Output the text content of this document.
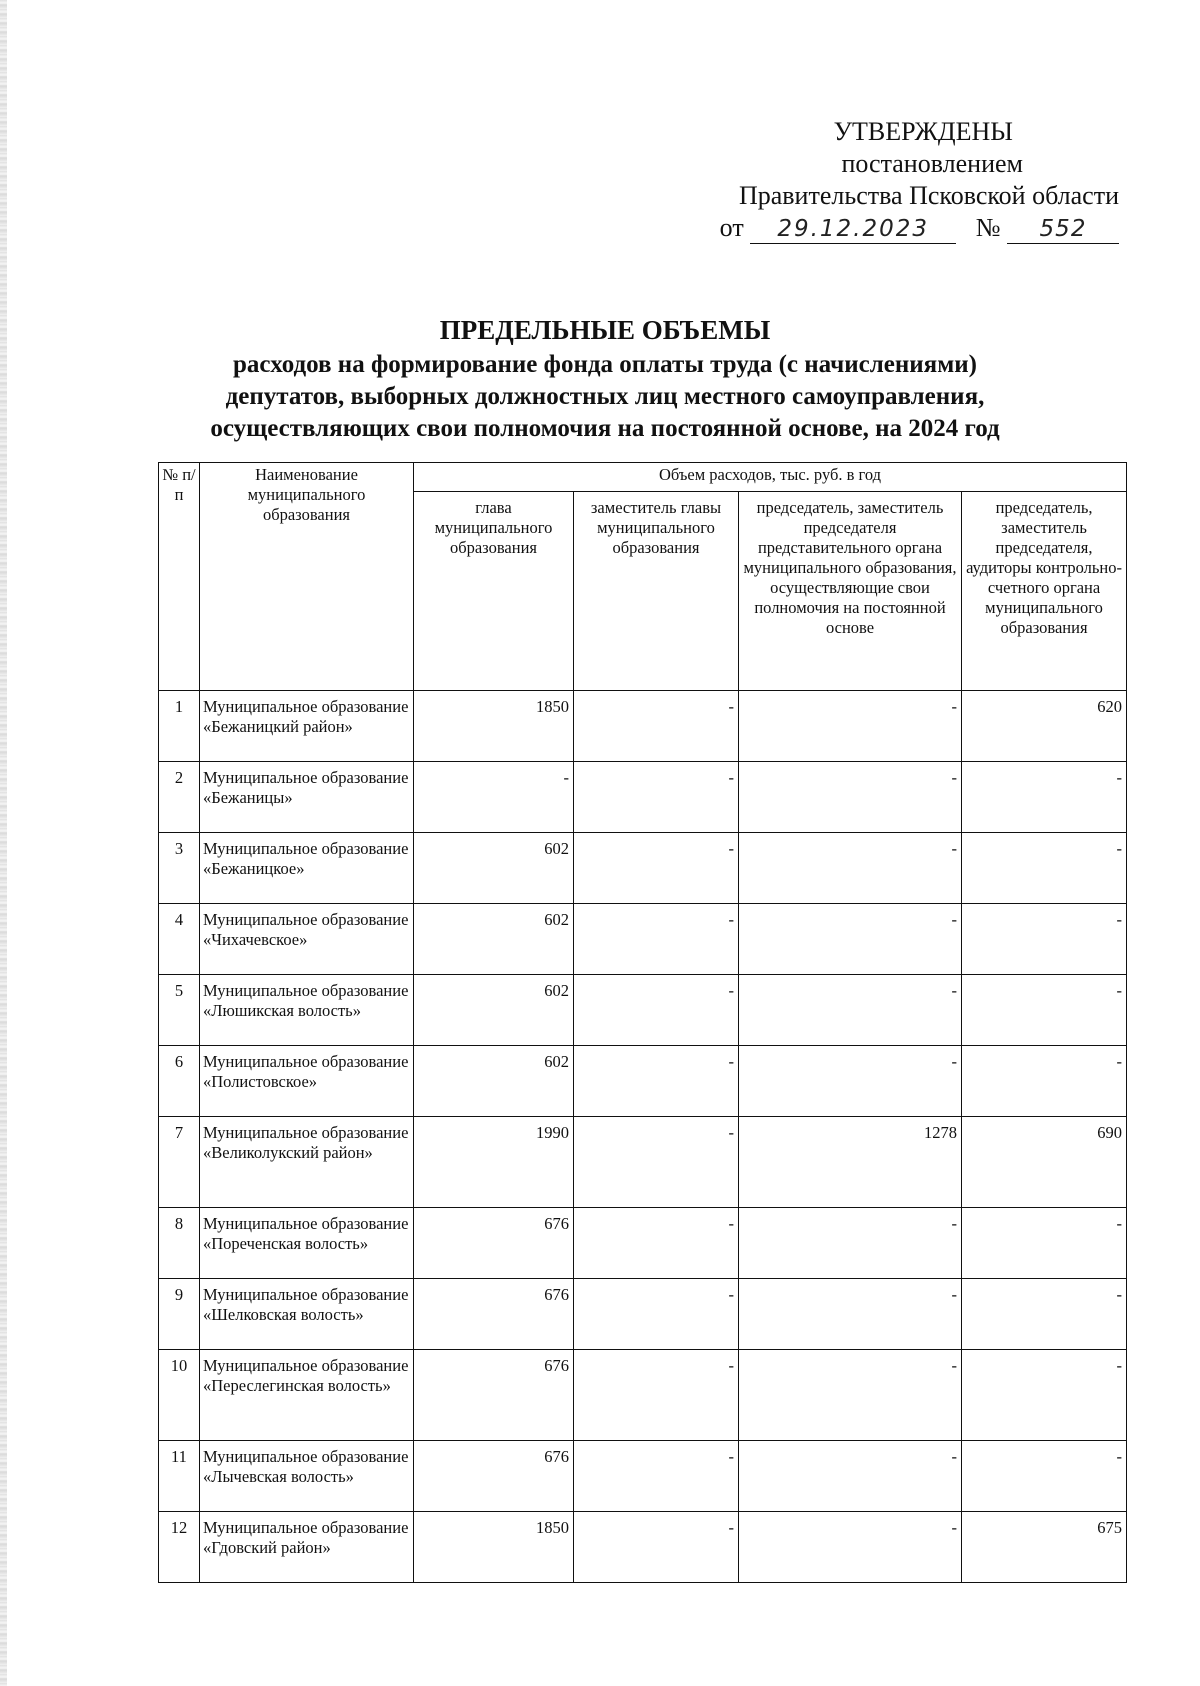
УТВЕРЖДЕНЫ
постановлением
Правительства Псковской области
от 29.12.2023 № 552
ПРЕДЕЛЬНЫЕ ОБЪЕМЫ
расходов на формирование фонда оплаты труда (с начислениями)
депутатов, выборных должностных лиц местного самоуправления,
осуществляющих свои полномочия на постоянной основе, на 2024 год
№ п/п	Наименование муниципального образования	Объем расходов, тыс. руб. в год			
		глава муниципального образования	заместитель главы муниципального образования	председатель, заместитель председателя представительного органа муниципального образования, осуществляющие свои полномочия на постоянной основе	председатель, заместитель председателя, аудиторы контрольно-счетного органа муниципального образования
1	Муниципальное образование «Бежаницкий район»	1850	-	-	620
2	Муниципальное образование «Бежаницы»	-	-	-	-
3	Муниципальное образование «Бежаницкое»	602	-	-	-
4	Муниципальное образование «Чихачевское»	602	-	-	-
5	Муниципальное образование «Люшикская волость»	602	-	-	-
6	Муниципальное образование «Полистовское»	602	-	-	-
7	Муниципальное образование «Великолукский район»	1990	-	1278	690
8	Муниципальное образование «Пореченская волость»	676	-	-	-
9	Муниципальное образование «Шелковская волость»	676	-	-	-
10	Муниципальное образование «Переслегинская волость»	676	-	-	-
11	Муниципальное образование «Лычевская волость»	676	-	-	-
12	Муниципальное образование «Гдовский район»	1850	-	-	675
